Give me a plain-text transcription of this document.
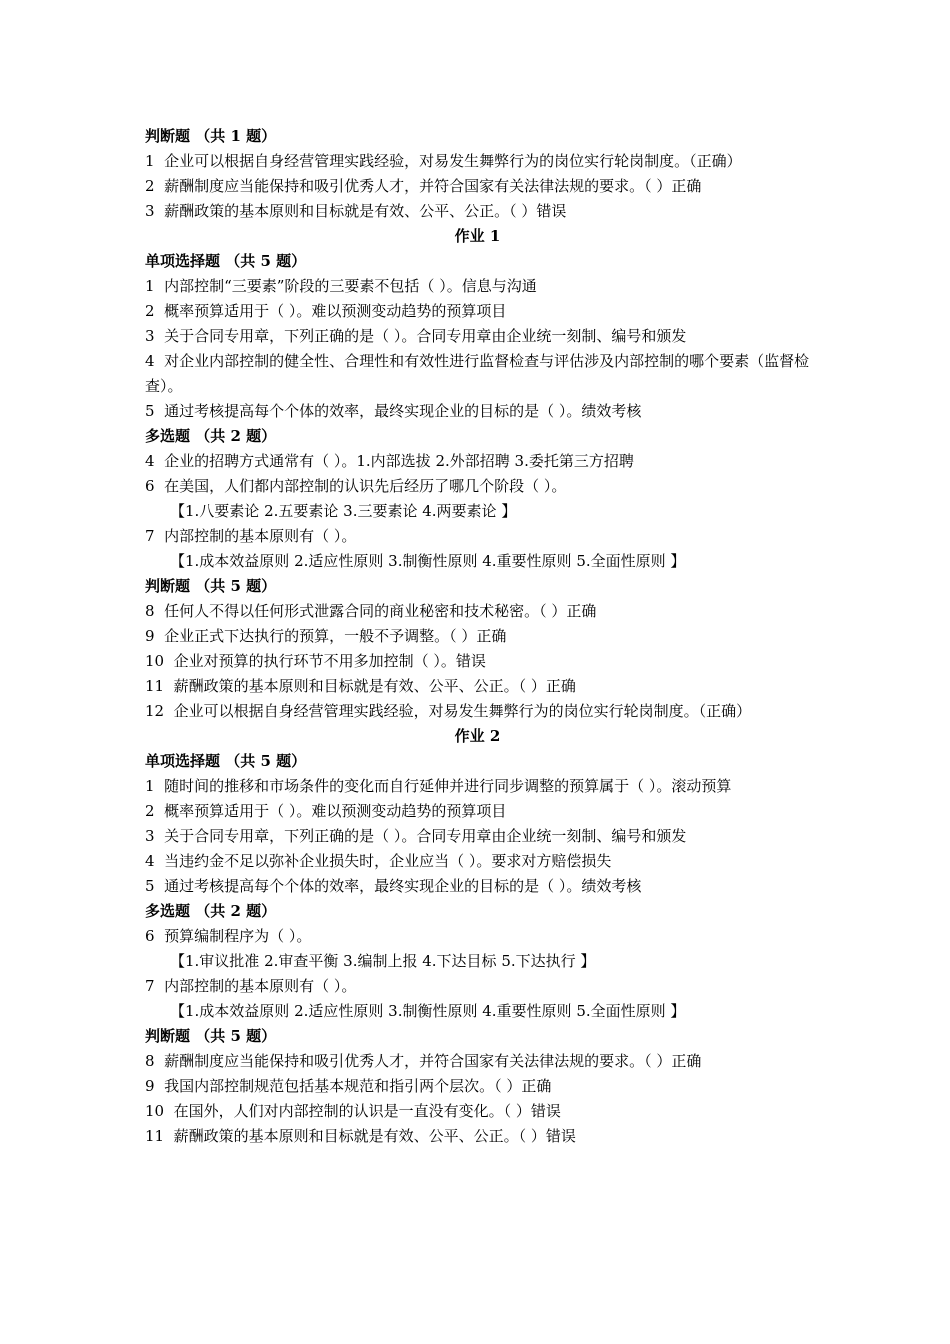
判断题 （共 1 题）

1  企业可以根据自身经营管理实践经验，对易发生舞弊行为的岗位实行轮岗制度。（正确）

2  薪酬制度应当能保持和吸引优秀人才，并符合国家有关法律法规的要求。（ ）正确

3  薪酬政策的基本原则和目标就是有效、公平、公正。（ ）错误

作业 1

单项选择题 （共 5 题）

1  内部控制“三要素”阶段的三要素不包括（ ）。信息与沟通

2  概率预算适用于（ ）。难以预测变动趋势的预算项目

3  关于合同专用章，下列正确的是（ ）。合同专用章由企业统一刻制、编号和颁发

4  对企业内部控制的健全性、合理性和有效性进行监督检查与评估涉及内部控制的哪个要素（监督检查）。

5  通过考核提高每个个体的效率，最终实现企业的目标的是（ ）。绩效考核

多选题 （共 2 题）

4  企业的招聘方式通常有（ ）。1.内部选拔 2.外部招聘 3.委托第三方招聘

6  在美国，人们都内部控制的认识先后经历了哪几个阶段（ ）。

【1.八要素论 2.五要素论 3.三要素论 4.两要素论 】

7  内部控制的基本原则有（ ）。

【1.成本效益原则 2.适应性原则 3.制衡性原则 4.重要性原则 5.全面性原则 】

判断题 （共 5 题）

8  任何人不得以任何形式泄露合同的商业秘密和技术秘密。（ ）正确

9  企业正式下达执行的预算，一般不予调整。（ ）正确

10  企业对预算的执行环节不用多加控制（ ）。错误

11  薪酬政策的基本原则和目标就是有效、公平、公正。（ ）正确

12  企业可以根据自身经营管理实践经验，对易发生舞弊行为的岗位实行轮岗制度。（正确）

作业 2

单项选择题 （共 5 题）

1  随时间的推移和市场条件的变化而自行延伸并进行同步调整的预算属于（ ）。滚动预算

2  概率预算适用于（ ）。难以预测变动趋势的预算项目

3  关于合同专用章，下列正确的是（ ）。合同专用章由企业统一刻制、编号和颁发

4  当违约金不足以弥补企业损失时，企业应当（ ）。要求对方赔偿损失

5  通过考核提高每个个体的效率，最终实现企业的目标的是（ ）。绩效考核

多选题 （共 2 题）

6  预算编制程序为（ ）。

【1.审议批准 2.审查平衡 3.编制上报 4.下达目标 5.下达执行 】

7  内部控制的基本原则有（ ）。

【1.成本效益原则 2.适应性原则 3.制衡性原则 4.重要性原则 5.全面性原则 】

判断题 （共 5 题）

8  薪酬制度应当能保持和吸引优秀人才，并符合国家有关法律法规的要求。（ ）正确

9  我国内部控制规范包括基本规范和指引两个层次。（ ）正确

10  在国外，人们对内部控制的认识是一直没有变化。（ ）错误

11  薪酬政策的基本原则和目标就是有效、公平、公正。（ ）错误
